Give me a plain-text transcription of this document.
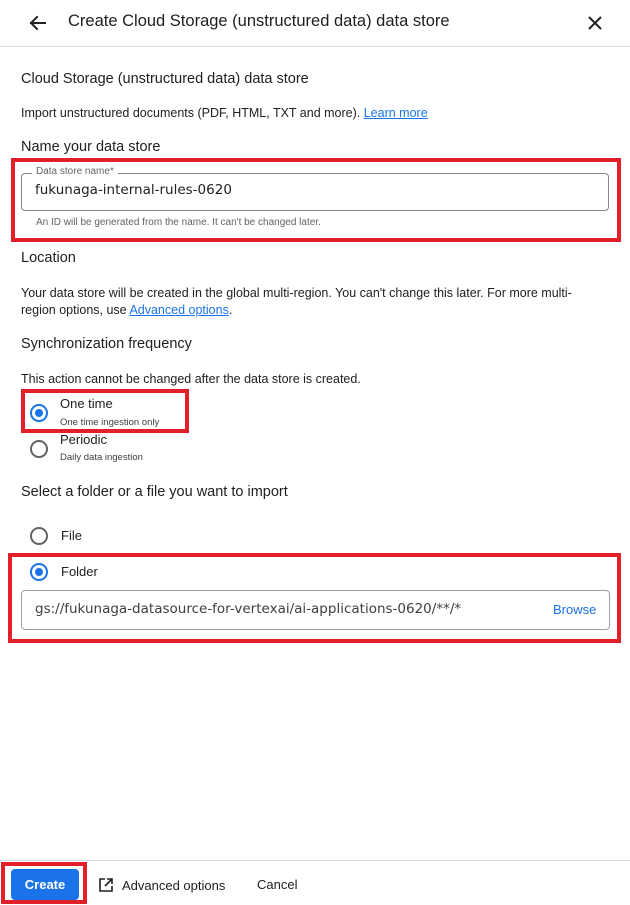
Create Cloud Storage (unstructured data) data store
Cloud Storage (unstructured data) data store
Import unstructured documents (PDF, HTML, TXT and more). Learn more
Name your data store
Data store name*
fukunaga-internal-rules-0620
An ID will be generated from the name. It can't be changed later.
Location
Your data store will be created in the global multi-region. You can't change this later. For more multi-
region options, use Advanced options.
Synchronization frequency
This action cannot be changed after the data store is created.
One time
One time ingestion only
Periodic
Daily data ingestion
Select a folder or a file you want to import
File
Folder
gs://fukunaga-datasource-for-vertexai/ai-applications-0620/**/*
Browse
Create	Advanced options Cancel
